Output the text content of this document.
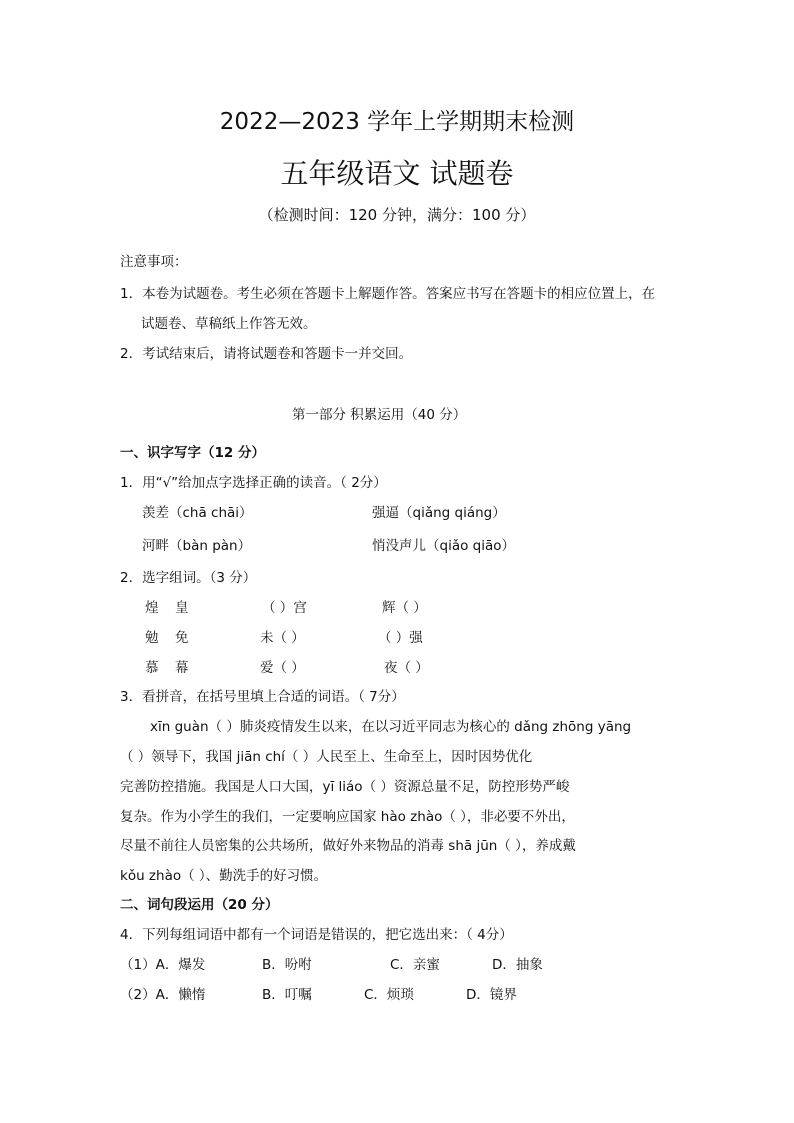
2022—2023 学年上学期期末检测
五年级语文 试题卷
（检测时间：120 分钟，满分：100 分）
注意事项：
1．本卷为试题卷。考生必须在答题卡上解题作答。答案应书写在答题卡的相应位置上，在
试题卷、草稿纸上作答无效。
2．考试结束后，请将试题卷和答题卡一并交回。
第一部分 积累运用（40 分）
一、识字写字（12 分）
1．用“√”给加点字选择正确的读音。（ 2分）
羡差（chā chāi）	强逼（qiǎng qiáng）
河畔（bàn pàn）	悄没声儿（qiǎo qiāo）
2．选字组词。（3 分）
煌 皇	（ ）宫	辉（ ）
勉 免	未（ ）	（ ）强
慕 幕	爱（ ）	夜（ ）
3．看拼音，在括号里填上合适的词语。（ 7分）
xīn guàn（ ）肺炎疫情发生以来，在以习近平同志为核心的 dǎng zhōng yāng
（ ）领导下，我国 jiān chí（ ）人民至上、生命至上，因时因势优化
完善防控措施。我国是人口大国，yī liáo（ ）资源总量不足，防控形势严峻
复杂。作为小学生的我们，一定要响应国家 hào zhào（ ），非必要不外出，
尽量不前往人员密集的公共场所，做好外来物品的消毒 shā jūn（ ），养成戴
kǒu zhào（ ）、勤洗手的好习惯。
二、词句段运用（20 分）
4．下列每组词语中都有一个词语是错误的，把它选出来：（ 4分）
（1）A．爆发	B．吩咐	C．亲蜜	D．抽象
（2）A．懒惰	B．叮嘱	C．烦琐	D．镜界
